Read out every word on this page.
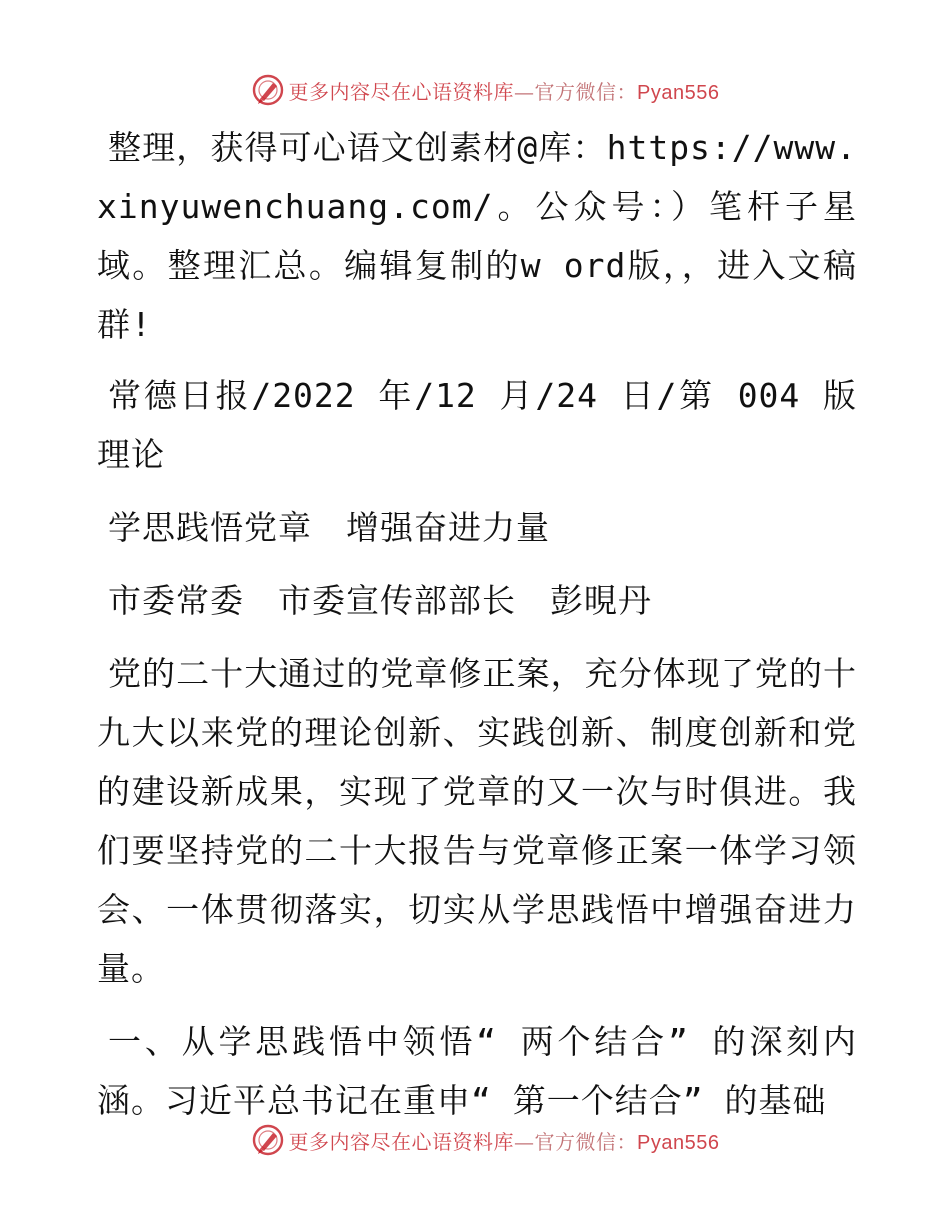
更多内容尽在心语资料库—官方微信：Pyan556

整理，获得可心语文创素材@库：https://www.xinyuwenchuang.com/。公众号：）笔杆子星域。整理汇总。编辑复制的w ord版，，进入文稿群!

常德日报/2022 年/12 月/24 日/第 004 版理论

学思践悟党章　增强奋进力量

市委常委　市委宣传部部长　彭晛丹

党的二十大通过的党章修正案，充分体现了党的十九大以来党的理论创新、实践创新、制度创新和党的建设新成果，实现了党章的又一次与时俱进。我们要坚持党的二十大报告与党章修正案一体学习领会、一体贯彻落实，切实从学思践悟中增强奋进力量。

一、从学思践悟中领悟“ 两个结合” 的深刻内涵。习近平总书记在重申“ 第一个结合” 的基础

更多内容尽在心语资料库—官方微信：Pyan556
